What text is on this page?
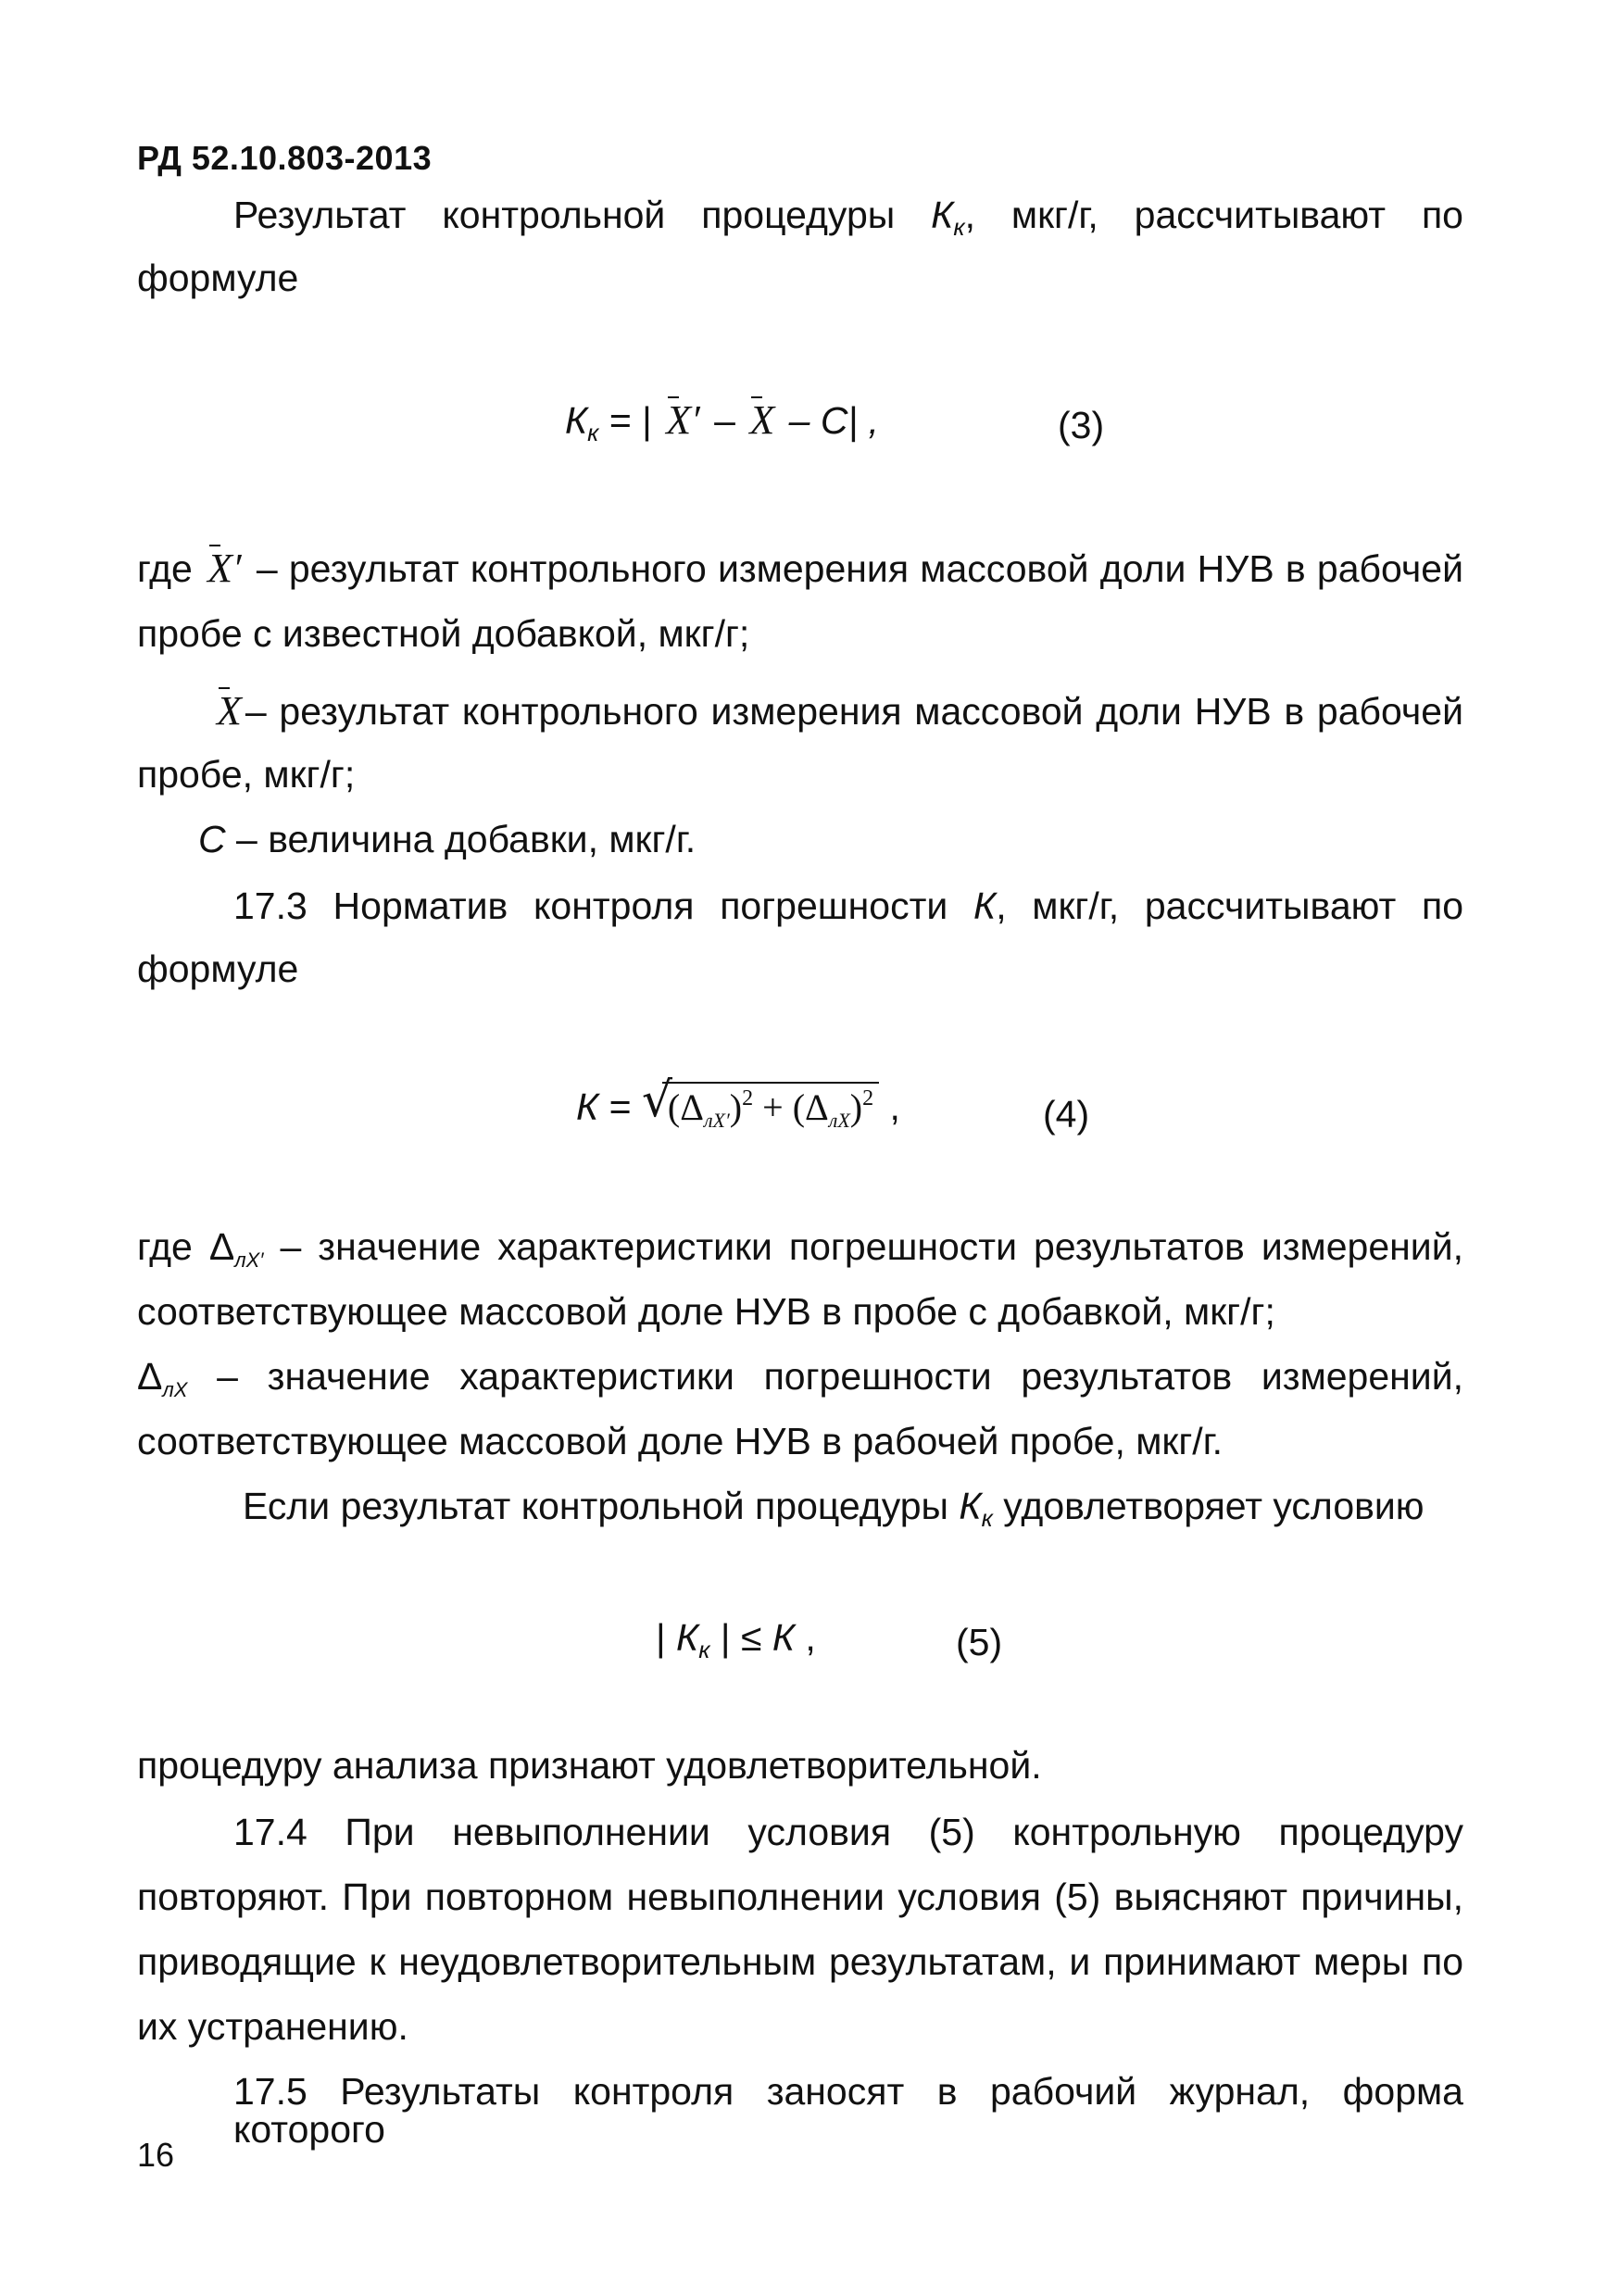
РД 52.10.803-2013
Результат контрольной процедуры $К_к$, мкг/г, рассчитывают по
формуле
$К_к$ = | X′ – X – С| ,	(3)
где X′ – результат контрольного измерения массовой доли НУВ в рабочей
пробе с известной добавкой, мкг/г;
X– результат контрольного измерения массовой доли НУВ в рабочей
пробе, мкг/г;
С – величина добавки, мкг/г.
17.3 Норматив контроля погрешности К, мкг/г, рассчитывают по
формуле
К = √
$(\Delta_{лX'})^2 + (\Delta_{лX})^2$ ,	(4)
где ΔлX′ – значение характеристики погрешности результатов измерений,
соответствующее массовой доле НУВ в пробе с добавкой, мкг/г;
ΔлX – значение характеристики погрешности результатов измерений,
соответствующее массовой доле НУВ в рабочей пробе, мкг/г.
Если результат контрольной процедуры $К_к$ удовлетворяет условию
| $К_к$ | ≤ К ,	(5)
процедуру анализа признают удовлетворительной.
17.4 При невыполнении условия (5) контрольную процедуру
повторяют. При повторном невыполнении условия (5) выясняют причины,
приводящие к неудовлетворительным результатам, и принимают меры по
их устранению.
17.5 Результаты контроля заносят в рабочий журнал, форма которого
16
